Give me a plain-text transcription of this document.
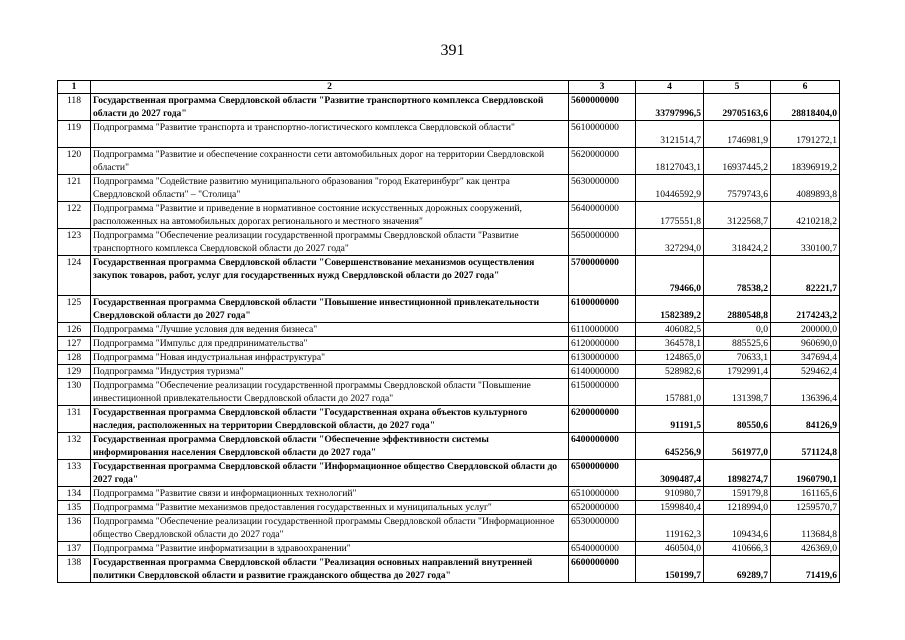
391
1	2	3	4	5	6
118	Государственная программа Свердловской области "Развитие транспортного комплекса Свердловской области до 2027 года"	5600000000	33797996,5	29705163,6	28818404,0
119	Подпрограмма "Развитие транспорта и транспортно-логистического комплекса Свердловской области"	5610000000	3121514,7	1746981,9	1791272,1
120	Подпрограмма "Развитие и обеспечение сохранности сети автомобильных дорог на территории Свердловской области"	5620000000	18127043,1	16937445,2	18396919,2
121	Подпрограмма "Содействие развитию муниципального образования "город Екатеринбург" как центра Свердловской области" – "Столица"	5630000000	10446592,9	7579743,6	4089893,8
122	Подпрограмма "Развитие и приведение в нормативное состояние искусственных дорожных сооружений, расположенных на автомобильных дорогах регионального и местного значения"	5640000000	1775551,8	3122568,7	4210218,2
123	Подпрограмма "Обеспечение реализации государственной программы Свердловской области "Развитие транспортного комплекса Свердловской области до 2027 года"	5650000000	327294,0	318424,2	330100,7
124	Государственная программа Свердловской области "Совершенствование механизмов осуществления закупок товаров, работ, услуг для государственных нужд Свердловской области до 2027 года"	5700000000	79466,0	78538,2	82221,7
125	Государственная программа Свердловской области "Повышение инвестиционной привлекательности Свердловской области до 2027 года"	6100000000	1582389,2	2880548,8	2174243,2
126	Подпрограмма "Лучшие условия для ведения бизнеса"	6110000000	406082,5	0,0	200000,0
127	Подпрограмма "Импульс для предпринимательства"	6120000000	364578,1	885525,6	960690,0
128	Подпрограмма "Новая индустриальная инфраструктура"	6130000000	124865,0	70633,1	347694,4
129	Подпрограмма "Индустрия туризма"	6140000000	528982,6	1792991,4	529462,4
130	Подпрограмма "Обеспечение реализации государственной программы Свердловской области "Повышение инвестиционной привлекательности Свердловской области до 2027 года"	6150000000	157881,0	131398,7	136396,4
131	Государственная программа Свердловской области "Государственная охрана объектов культурного наследия, расположенных на территории Свердловской области, до 2027 года"	6200000000	91191,5	80550,6	84126,9
132	Государственная программа Свердловской области "Обеспечение эффективности системы информирования населения Свердловской области до 2027 года"	6400000000	645256,9	561977,0	571124,8
133	Государственная программа Свердловской области "Информационное общество Свердловской области до 2027 года"	6500000000	3090487,4	1898274,7	1960790,1
134	Подпрограмма "Развитие связи и информационных технологий"	6510000000	910980,7	159179,8	161165,6
135	Подпрограмма "Развитие механизмов предоставления государственных и муниципальных услуг"	6520000000	1599840,4	1218994,0	1259570,7
136	Подпрограмма "Обеспечение реализации государственной программы Свердловской области "Информационное общество Свердловской области до 2027 года"	6530000000	119162,3	109434,6	113684,8
137	Подпрограмма "Развитие информатизации в здравоохранении"	6540000000	460504,0	410666,3	426369,0
138	Государственная программа Свердловской области "Реализация основных направлений внутренней политики Свердловской области и развитие гражданского общества до 2027 года"	6600000000	150199,7	69289,7	71419,6
